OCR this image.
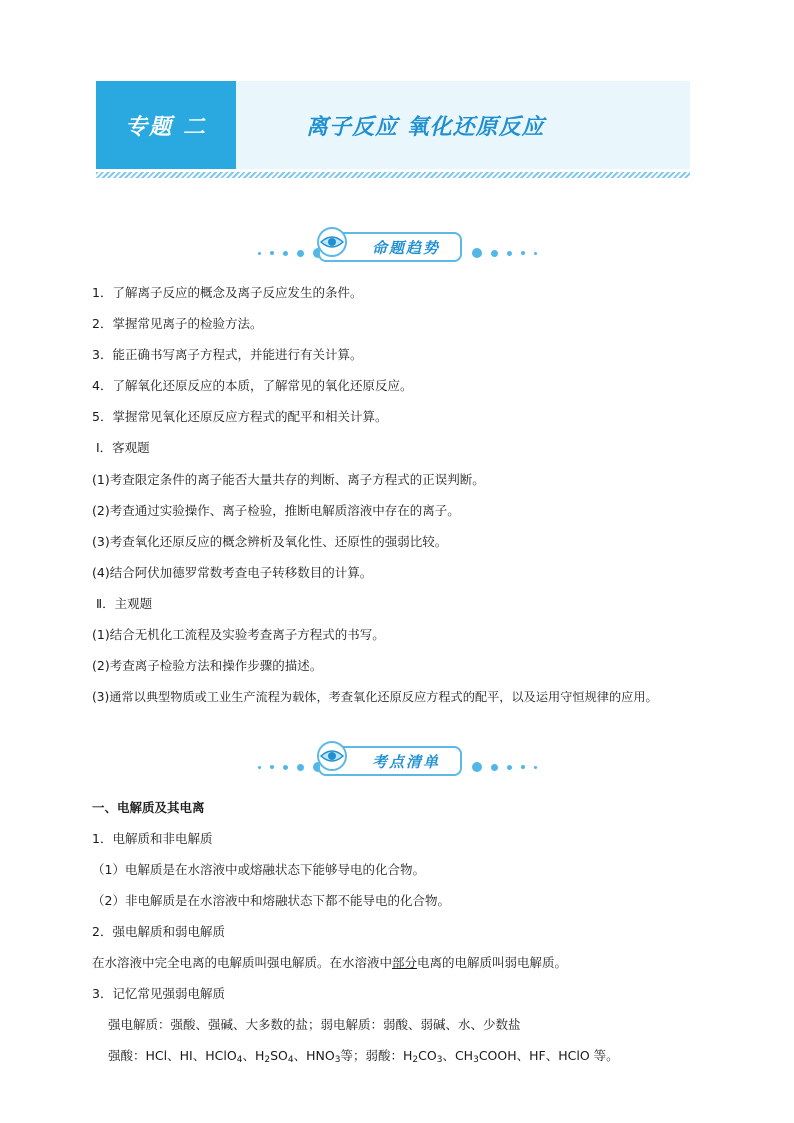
专题 二	离子反应 氧化还原反应
命题趋势
1．了解离子反应的概念及离子反应发生的条件。
2．掌握常见离子的检验方法。
3．能正确书写离子方程式，并能进行有关计算。
4．了解氧化还原反应的本质，了解常见的氧化还原反应。
5．掌握常见氧化还原反应方程式的配平和相关计算。
Ⅰ．客观题
(1)考查限定条件的离子能否大量共存的判断、离子方程式的正误判断。
(2)考查通过实验操作、离子检验，推断电解质溶液中存在的离子。
(3)考查氧化还原反应的概念辨析及氧化性、还原性的强弱比较。
(4)结合阿伏加德罗常数考查电子转移数目的计算。
Ⅱ．主观题
(1)结合无机化工流程及实验考查离子方程式的书写。
(2)考查离子检验方法和操作步骤的描述。
(3)通常以典型物质或工业生产流程为载体，考查氧化还原反应方程式的配平，以及运用守恒规律的应用。
考点清单
一、电解质及其电离
1．电解质和非电解质
（1）电解质是在水溶液中或熔融状态下能够导电的化合物。
（2）非电解质是在水溶液中和熔融状态下都不能导电的化合物。
2．强电解质和弱电解质
在水溶液中完全电离的电解质叫强电解质。在水溶液中部分电离的电解质叫弱电解质。
3．记忆常见强弱电解质
强电解质：强酸、强碱、大多数的盐；弱电解质：弱酸、弱碱、水、少数盐
强酸：HCl、HI、HClO$_4$、$H_2SO_4$、$HNO_3$等；弱酸：$H_2CO_3$、$CH_3COOH$、HF、HClO 等。
